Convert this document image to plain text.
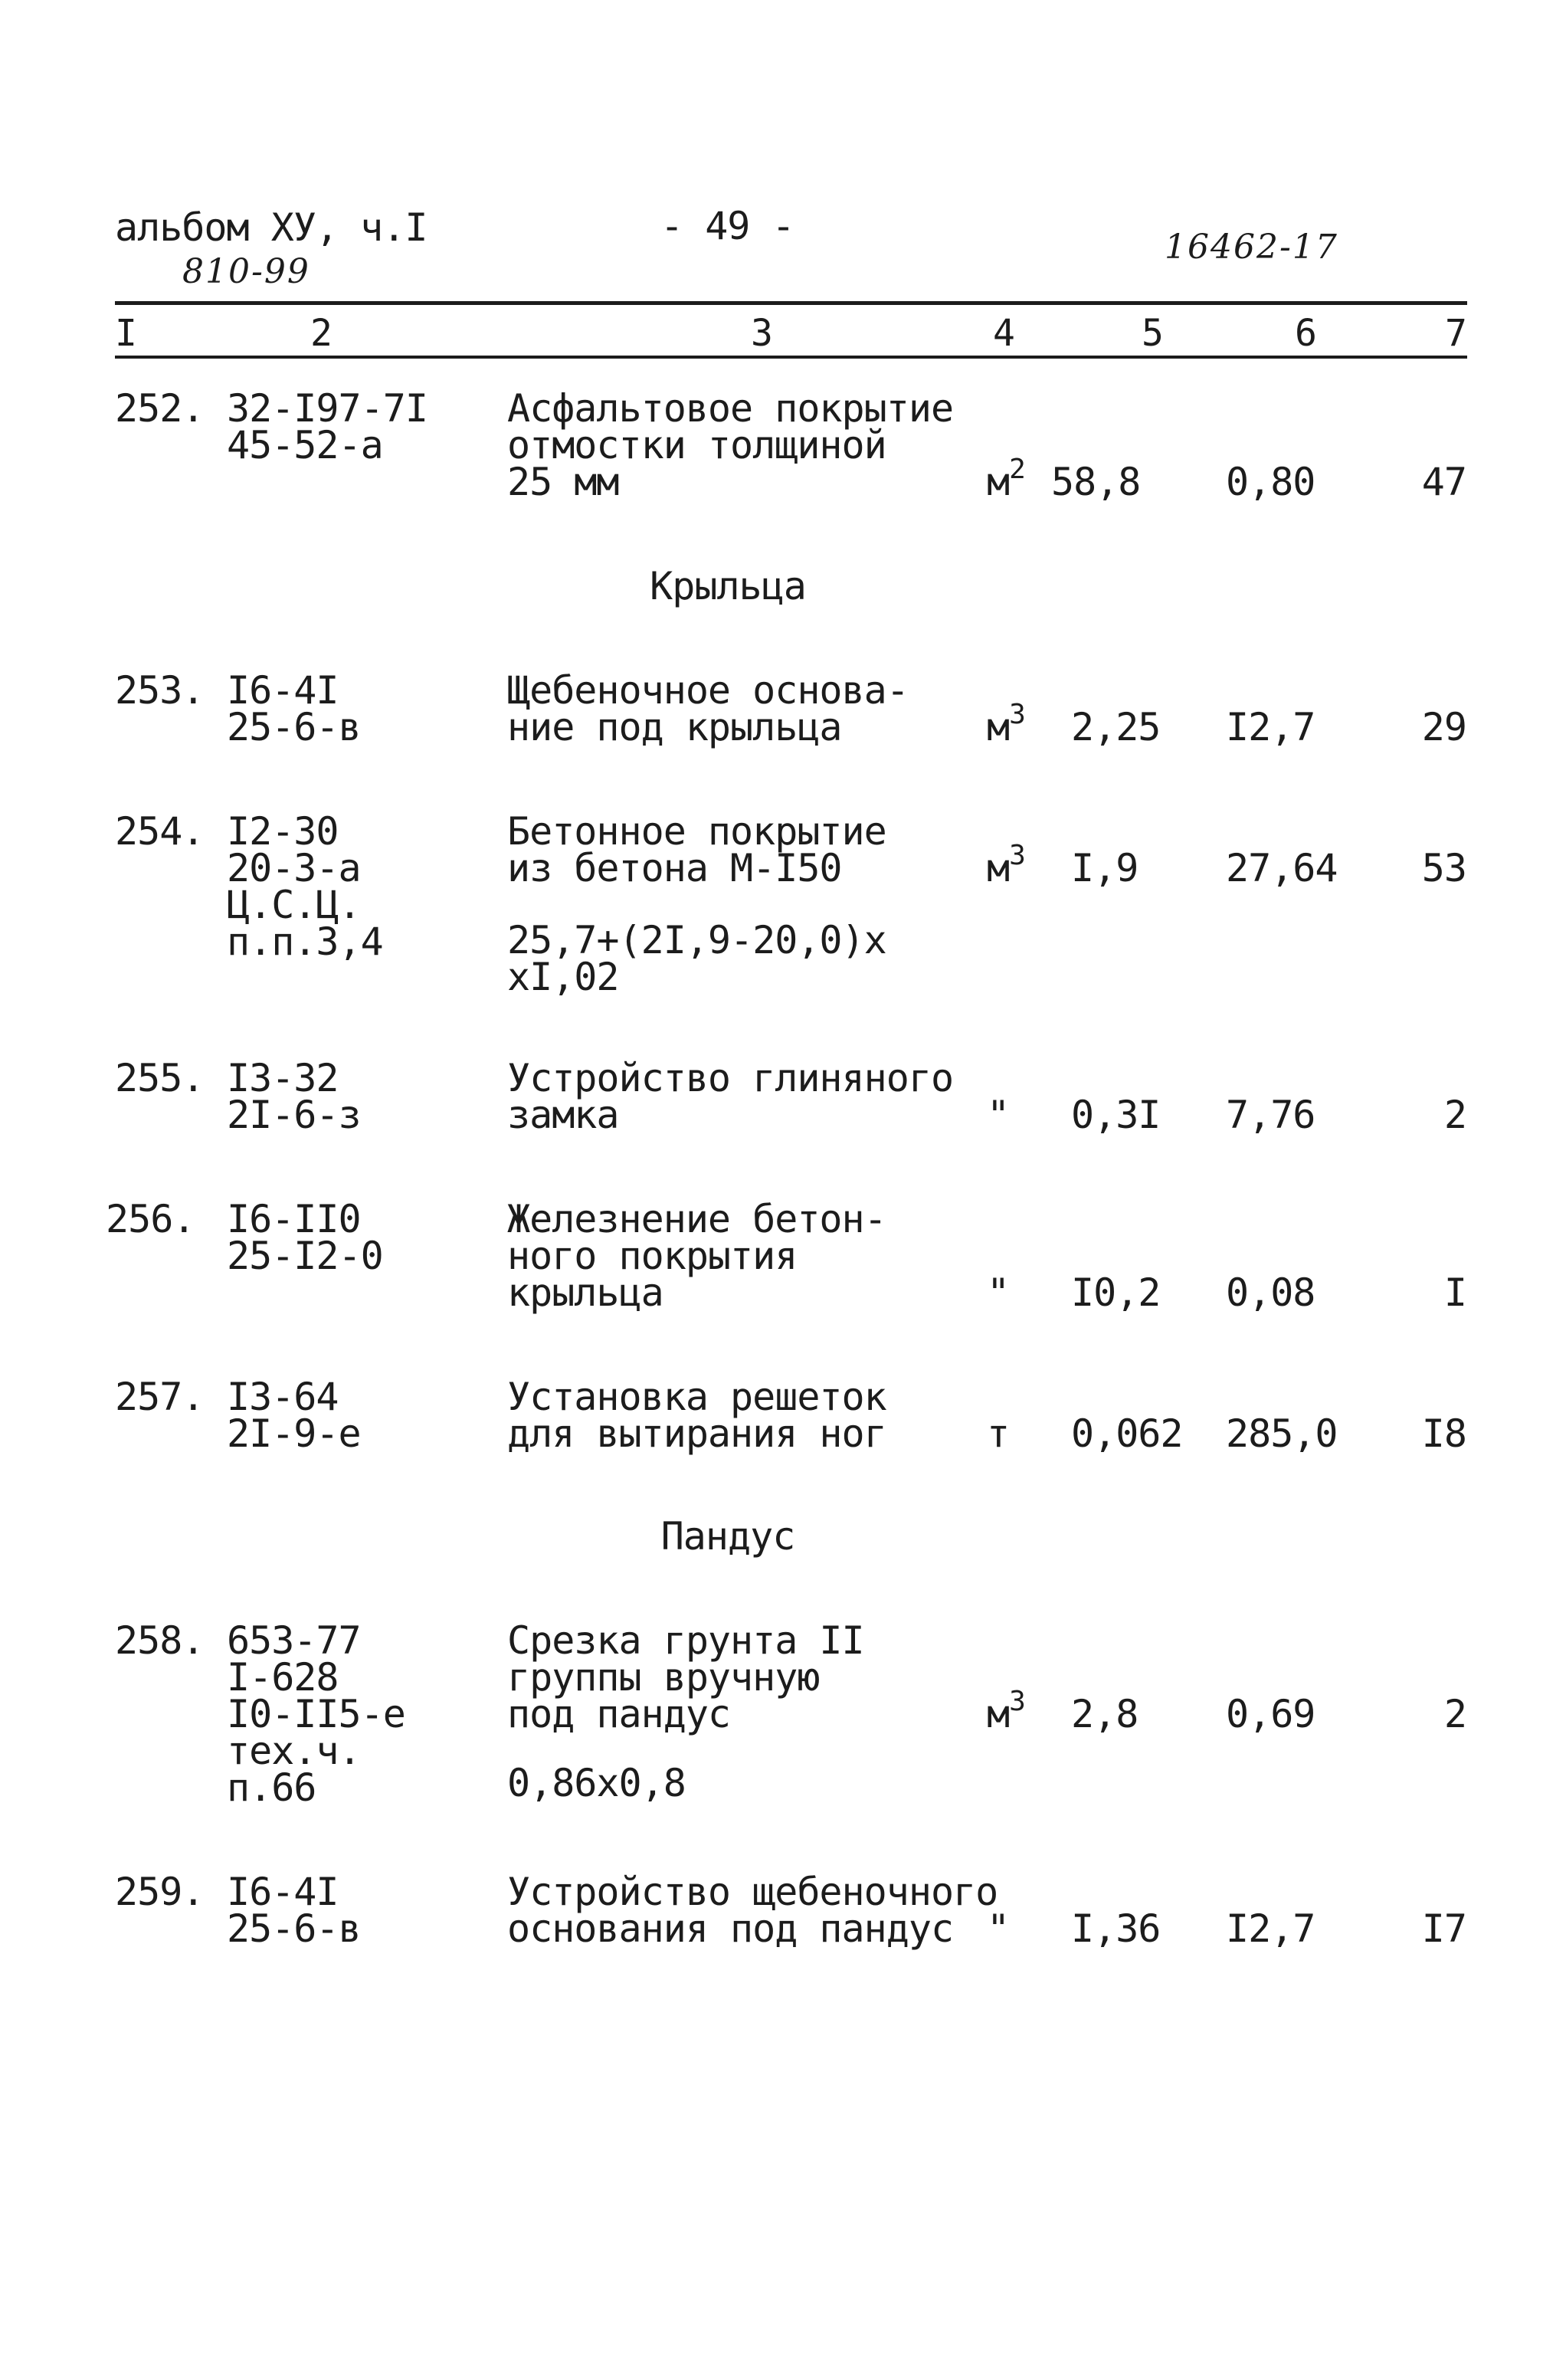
альбом ХУ, ч.I	- 49 -
810-99
16462-17
I	2	3	4	5	6	7
252. 32-I97-7I
45-52-а
Асфальтовое покрытие
отмостки толщиной
25 мм	$м^2$ 58,8 0,80	47
Крыльца
253. I6-4I
25-6-в
Щебеночное основа-
ние под крыльца	$м^3$ 2,25 I2,7	29
254. I2-30
20-3-а
Ц.С.Ц.
п.п.3,4
Бетонное покрытие
из бетона М-I50
25,7+(2I,9-20,0)х
хI,02
$м^3$ I,9 27,64 53
255. I3-32
2I-6-з
Устройство глиняного
замка	" 0,3I 7,76	2
256. I6-II0
25-I2-0
Железнение бетон-
ного покрытия
крыльца	" I0,2 0,08	I
257. I3-64
2I-9-е
Установка решеток
для вытирания ног	т 0,062 285,0 I8
Пандус
258. 653-77
I-628
I0-II5-е
тех.ч.
п.66
Срезка грунта II
группы вручную
под пандус
0,86х0,8
$м^3$ 2,8 0,69	2
259. I6-4I
25-6-в
Устройство щебеночного
основания под пандус " I,36 I2,7	I7
